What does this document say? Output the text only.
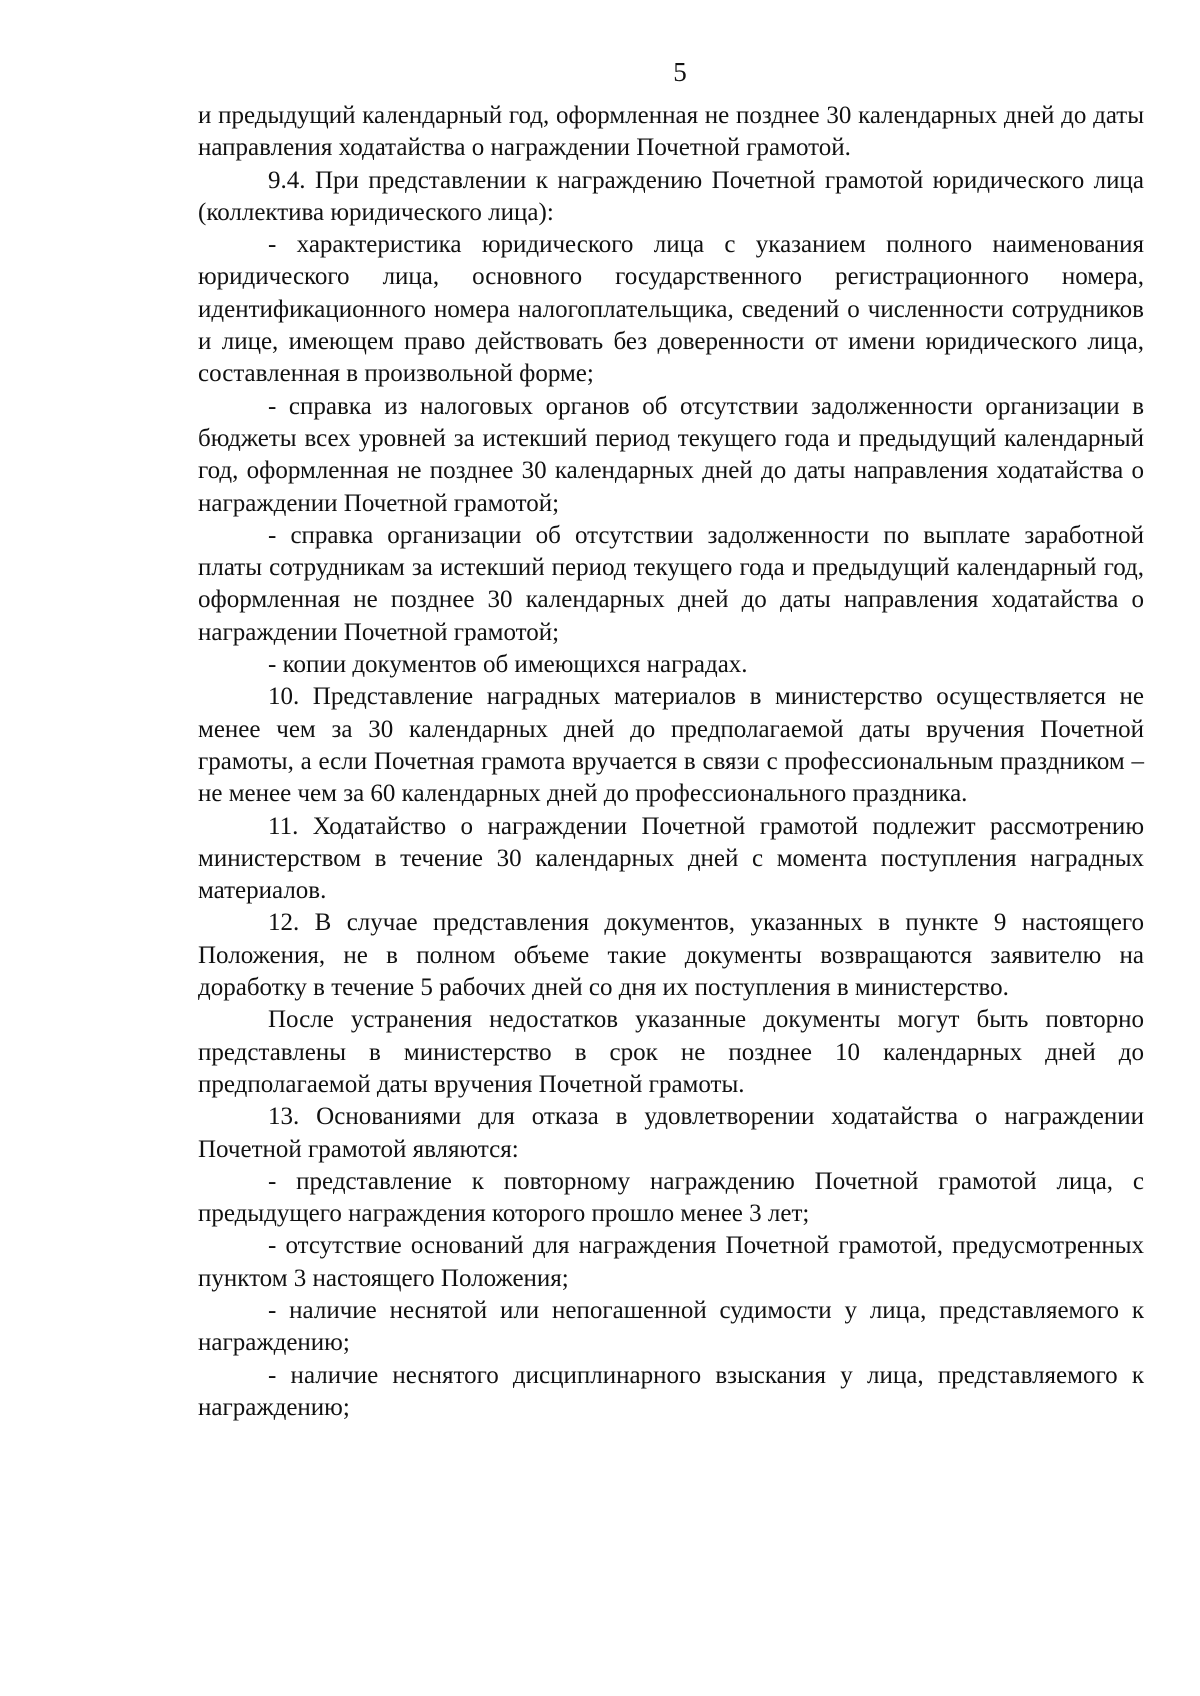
5

и предыдущий календарный год, оформленная не позднее 30 календарных дней до даты направления ходатайства о награждении Почетной грамотой.

9.4. При представлении к награждению Почетной грамотой юридического лица (коллектива юридического лица):

- характеристика юридического лица с указанием полного наименования юридического лица, основного государственного регистрационного номера, идентификационного номера налогоплательщика, сведений о численности сотрудников и лице, имеющем право действовать без доверенности от имени юридического лица, составленная в произвольной форме;

- справка из налоговых органов об отсутствии задолженности организации в бюджеты всех уровней за истекший период текущего года и предыдущий календарный год, оформленная не позднее 30 календарных дней до даты направления ходатайства о награждении Почетной грамотой;

- справка организации об отсутствии задолженности по выплате заработной платы сотрудникам за истекший период текущего года и предыдущий календарный год, оформленная не позднее 30 календарных дней до даты направления ходатайства о награждении Почетной грамотой;

- копии документов об имеющихся наградах.

10. Представление наградных материалов в министерство осуществляется не менее чем за 30 календарных дней до предполагаемой даты вручения Почетной грамоты, а если Почетная грамота вручается в связи с профессиональным праздником – не менее чем за 60 календарных дней до профессионального праздника.

11. Ходатайство о награждении Почетной грамотой подлежит рассмотрению министерством в течение 30 календарных дней с момента поступления наградных материалов.

12. В случае представления документов, указанных в пункте 9 настоящего Положения, не в полном объеме такие документы возвращаются заявителю на доработку в течение 5 рабочих дней со дня их поступления в министерство.

После устранения недостатков указанные документы могут быть повторно представлены в министерство в срок не позднее 10 календарных дней до предполагаемой даты вручения Почетной грамоты.

13. Основаниями для отказа в удовлетворении ходатайства о награждении Почетной грамотой являются:

- представление к повторному награждению Почетной грамотой лица, с предыдущего награждения которого прошло менее 3 лет;

- отсутствие оснований для награждения Почетной грамотой, предусмотренных пунктом 3 настоящего Положения;

- наличие неснятой или непогашенной судимости у лица, представляемого к награждению;

- наличие неснятого дисциплинарного взыскания у лица, представляемого к награждению;
